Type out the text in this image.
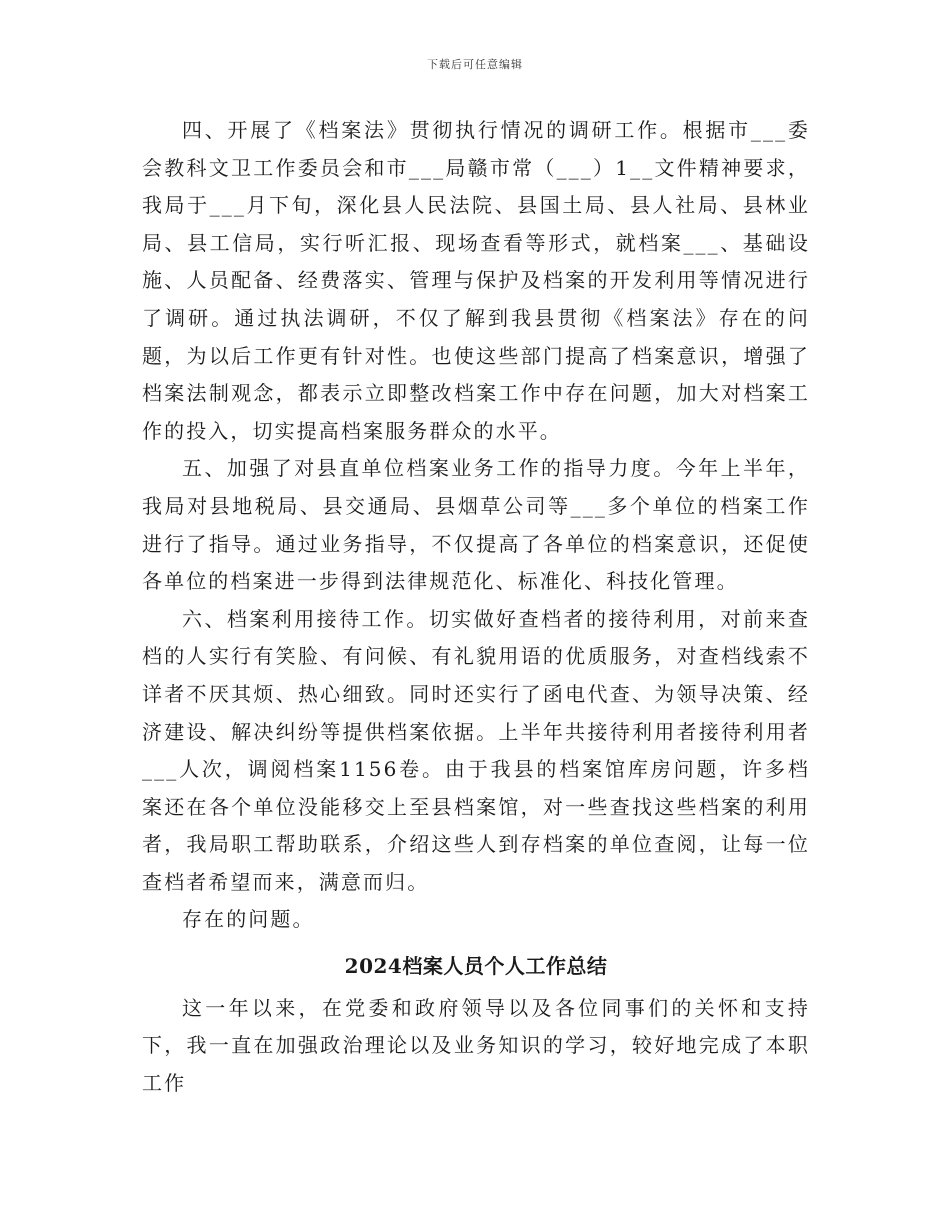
下载后可任意编辑

四、开展了《档案法》贯彻执行情况的调研工作。根据市___委会教科文卫工作委员会和市___局赣市常（___）1__文件精神要求，我局于___月下旬，深化县人民法院、县国土局、县人社局、县林业局、县工信局，实行听汇报、现场查看等形式，就档案___、基础设施、人员配备、经费落实、管理与保护及档案的开发利用等情况进行了调研。通过执法调研，不仅了解到我县贯彻《档案法》存在的问题，为以后工作更有针对性。也使这些部门提高了档案意识，增强了档案法制观念，都表示立即整改档案工作中存在问题，加大对档案工作的投入，切实提高档案服务群众的水平。

五、加强了对县直单位档案业务工作的指导力度。今年上半年，我局对县地税局、县交通局、县烟草公司等___多个单位的档案工作进行了指导。通过业务指导，不仅提高了各单位的档案意识，还促使各单位的档案进一步得到法律规范化、标准化、科技化管理。

六、档案利用接待工作。切实做好查档者的接待利用，对前来查档的人实行有笑脸、有问候、有礼貌用语的优质服务，对查档线索不详者不厌其烦、热心细致。同时还实行了函电代查、为领导决策、经济建设、解决纠纷等提供档案依据。上半年共接待利用者接待利用者___人次，调阅档案1156卷。由于我县的档案馆库房问题，许多档案还在各个单位没能移交上至县档案馆，对一些查找这些档案的利用者，我局职工帮助联系，介绍这些人到存档案的单位查阅，让每一位查档者希望而来，满意而归。

存在的问题。

2024档案人员个人工作总结

这一年以来，在党委和政府领导以及各位同事们的关怀和支持下，我一直在加强政治理论以及业务知识的学习，较好地完成了本职工作
